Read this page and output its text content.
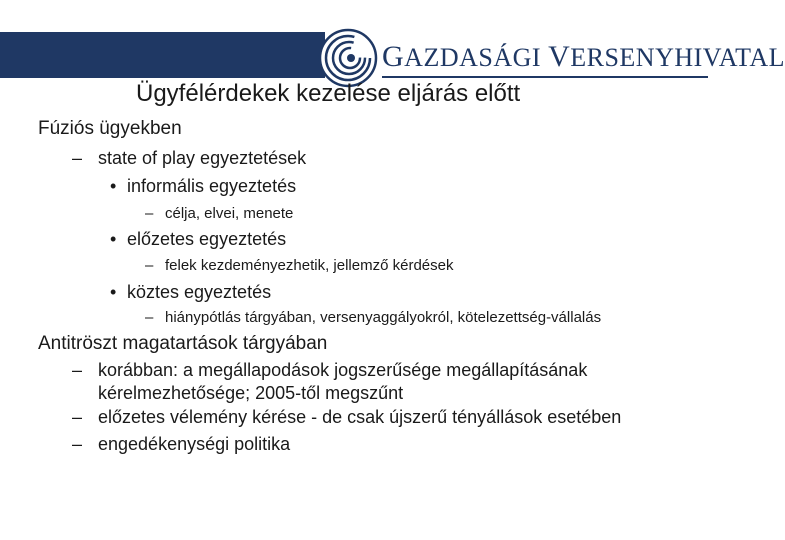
GAZDASÁGI VERSENYHIVATAL
Ügyfélérdekek kezelése eljárás előtt

Fúziós ügyekben

– state of play egyeztetések

• informális egyeztetés

– célja, elvei, menete

• előzetes egyeztetés

– felek kezdeményezhetik, jellemző kérdések

• köztes egyeztetés

– hiánypótlás tárgyában, versenyaggályokról, kötelezettség-vállalás

Antitröszt magatartások tárgyában

– korábban: a megállapodások jogszerűsége megállapításának

kérelmezhetősége; 2005-től megszűnt

– előzetes vélemény kérése - de csak újszerű tényállások esetében

– engedékenységi politika
